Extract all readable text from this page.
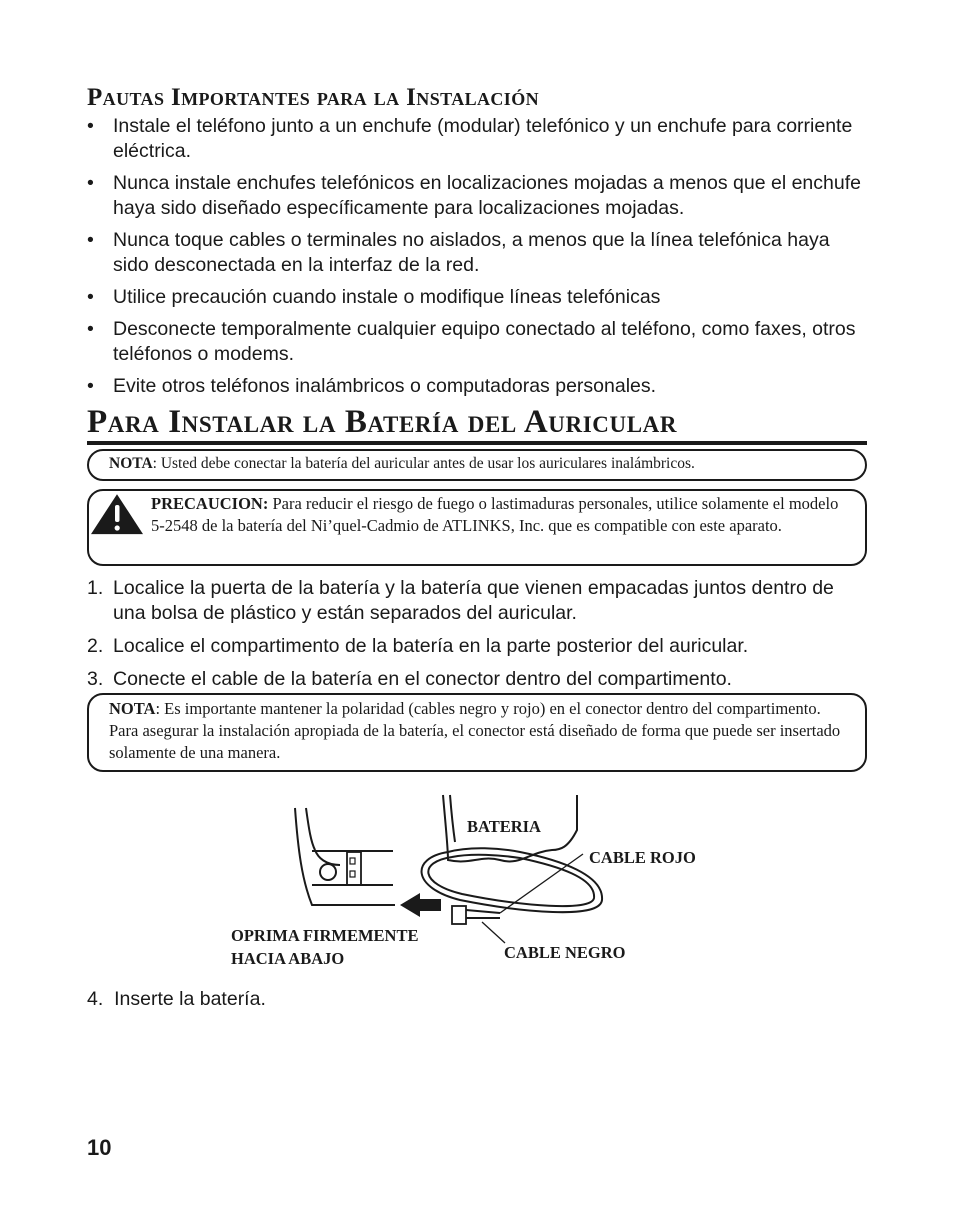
Pautas Importantes para la Instalación
• Instale el teléfono junto a un enchufe (modular) telefónico y un enchufe para corriente eléctrica.
• Nunca instale enchufes telefónicos en localizaciones mojadas a menos que el enchufe haya sido diseñado específicamente para localizaciones mojadas.
• Nunca toque cables o terminales no aislados, a menos que la línea telefónica haya sido desconectada en la interfaz de la red.
• Utilice precaución cuando instale o modifique líneas telefónicas
• Desconecte temporalmente cualquier equipo conectado al teléfono, como faxes, otros teléfonos o modems.
• Evite otros teléfonos inalámbricos o computadoras personales.
Para Instalar la Batería del Auricular
NOTA: Usted debe conectar la batería del auricular antes de usar los auriculares inalámbricos.
PRECAUCION: Para reducir el riesgo de fuego o lastimaduras personales, utilice solamente el modelo 5-2548 de la batería del Ni’quel-Cadmio de ATLINKS, Inc. que es compatible con este aparato.
1. Localice la puerta de la batería y la batería que vienen empacadas juntos dentro de una bolsa de plástico y están separados del auricular.
2. Localice el compartimento de la batería en la parte posterior del auricular.
3. Conecte el cable de la batería en el conector dentro del compartimento.
NOTA: Es importante mantener la polaridad (cables negro y rojo) en el conector dentro del compartimento. Para asegurar la instalación apropiada de la batería, el conector está diseñado de forma que puede ser insertado solamente de una manera.
BATERIA
CABLE ROJO
OPRIMA FIRMEMENTE
HACIA ABAJO	CABLE NEGRO
4. Inserte la batería.
10
